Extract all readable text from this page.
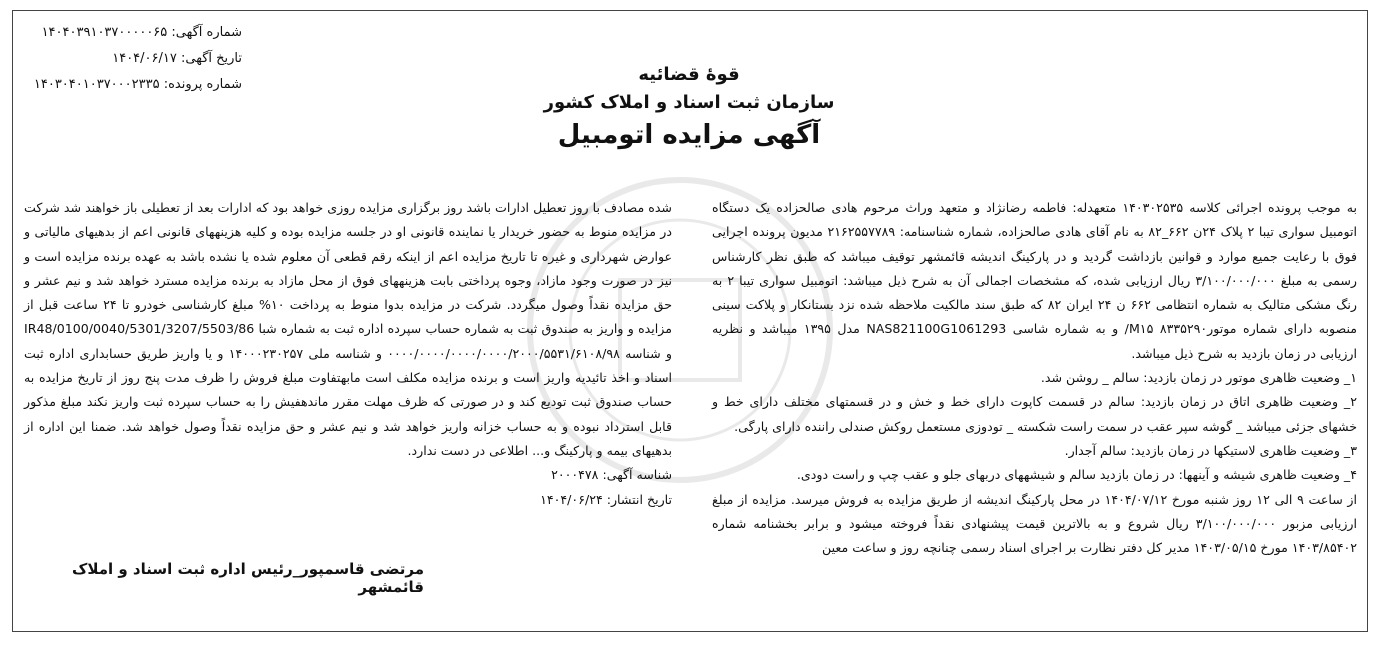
شماره آگهی: ۱۴۰۴۰۳۹۱۰۳۷۰۰۰۰۰۶۵
تاریخ آگهی: ۱۴۰۴/۰۶/۱۷
شماره پرونده: ۱۴۰۳۰۴۰۱۰۳۷۰۰۰۲۳۳۵	قوهٔ قضائیه
سازمان ثبت اسناد و املاک کشور
آگهی مزایده اتومبیل

به موجب پرونده اجرائی کلاسه ۱۴۰۳۰۲۵۳۵ متعهدله: فاطمه رضانژاد و متعهد وراث مرحوم هادی صالحزاده یک دستگاه اتومبیل سواری تیبا ۲ پلاک ۲۴ن ۶۶۲_۸۲ به نام آقای هادی صالحزاده، شماره شناسنامه: ۲۱۶۲۵۵۷۷۸۹ مدیون پرونده اجرایی فوق با رعایت جمیع موارد و قوانین بازداشت گردید و در پارکینگ اندیشه قائمشهر توقیف میباشد که طبق نظر کارشناس رسمی به مبلغ ۳/۱۰۰/۰۰۰/۰۰۰ ریال ارزیابی شده، که مشخصات اجمالی آن به شرح ذیل میباشد: اتومبیل سواری تیبا ۲ به رنگ مشکی متالیک به شماره انتظامی ۶۶۲ ن ۲۴ ایران ۸۲ که طبق سند مالکیت ملاحظه شده نزد بستانکار و پلاکت سینی منصوبه دارای شماره موتور۸۳۳۵۲۹۰ M۱۵/ و به شماره شاسی NAS821100G1061293 مدل ۱۳۹۵ میباشد و نظریه ارزیابی در زمان بازدید به شرح ذیل میباشد.

۱_ وضعیت ظاهری موتور در زمان بازدید: سالم _ روشن شد.

۲_ وضعیت ظاهری اتاق در زمان بازدید: سالم در قسمت کاپوت دارای خط و خش و در قسمتهای مختلف دارای خط و خشهای جزئی میباشد _ گوشه سپر عقب در سمت راست شکسته _ تودوزی مستعمل روکش صندلی راننده دارای پارگی.

۳_ وضعیت ظاهری لاستیکها در زمان بازدید: سالم آجدار.

۴_ وضعیت ظاهری شیشه و آینهها: در زمان بازدید سالم و شیشههای دربهای جلو و عقب چپ و راست دودی.

از ساعت ۹ الی ۱۲ روز شنبه مورخ ۱۴۰۴/۰۷/۱۲ در محل پارکینگ اندیشه از طریق مزایده به فروش میرسد. مزایده از مبلغ ارزیابی مزبور ۳/۱۰۰/۰۰۰/۰۰۰ ریال شروع و به بالاترین قیمت پیشنهادی نقداً فروخته میشود و برابر بخشنامه شماره ۱۴۰۳/۸۵۴۰۲ مورخ ۱۴۰۳/۰۵/۱۵ مدیر کل دفتر نظارت بر اجرای اسناد رسمی چنانچه روز و ساعت معین

شده مصادف با روز تعطیل ادارات باشد روز برگزاری مزایده روزی خواهد بود که ادارات بعد از تعطیلی باز خواهند شد شرکت در مزایده منوط به حضور خریدار یا نماینده قانونی او در جلسه مزایده بوده و کلیه هزینههای قانونی اعم از بدهیهای مالیاتی و عوارض شهرداری و غیره تا تاریخ مزایده اعم از اینکه رقم قطعی آن معلوم شده یا نشده باشد به عهده برنده مزایده است و نیز در صورت وجود مازاد، وجوه پرداختی بابت هزینههای فوق از محل مازاد به برنده مزایده مسترد خواهد شد و نیم عشر و حق مزایده نقداً وصول میگردد. شرکت در مزایده بدوا منوط به پرداخت ۱۰% مبلغ کارشناسی خودرو تا ۲۴ ساعت قبل از مزایده و واریز به صندوق ثبت به شماره حساب سپرده اداره ثبت به شماره شبا IR48/0100/0040/5301/3207/5503/86 و شناسه ۰۰۰۰/۰۰۰۰/۰۰۰۰/۰۰۰۰/۲۰۰۰/۵۵۳۱/۶۱۰۸/۹۸ و شناسه ملی ۱۴۰۰۰۲۳۰۲۵۷ و یا واریز طریق حسابداری اداره ثبت اسناد و اخذ تائیدیه واریز است و برنده مزایده مکلف است مابهتفاوت مبلغ فروش را ظرف مدت پنج روز از تاریخ مزایده به حساب صندوق ثبت تودیع کند و در صورتی که ظرف مهلت مقرر ماندهفیش را به حساب سپرده ثبت واریز نکند مبلغ مذکور قابل استرداد نبوده و به حساب خزانه واریز خواهد شد و نیم عشر و حق مزایده نقداً وصول خواهد شد. ضمنا این اداره از بدهیهای بیمه و پارکینگ و... اطلاعی در دست ندارد.

شناسه آگهی: ۲۰۰۰۴۷۸

تاریخ انتشار: ۱۴۰۴/۰۶/۲۴

مرتضی قاسمپور_رئیس اداره ثبت اسناد و املاک قائمشهر
